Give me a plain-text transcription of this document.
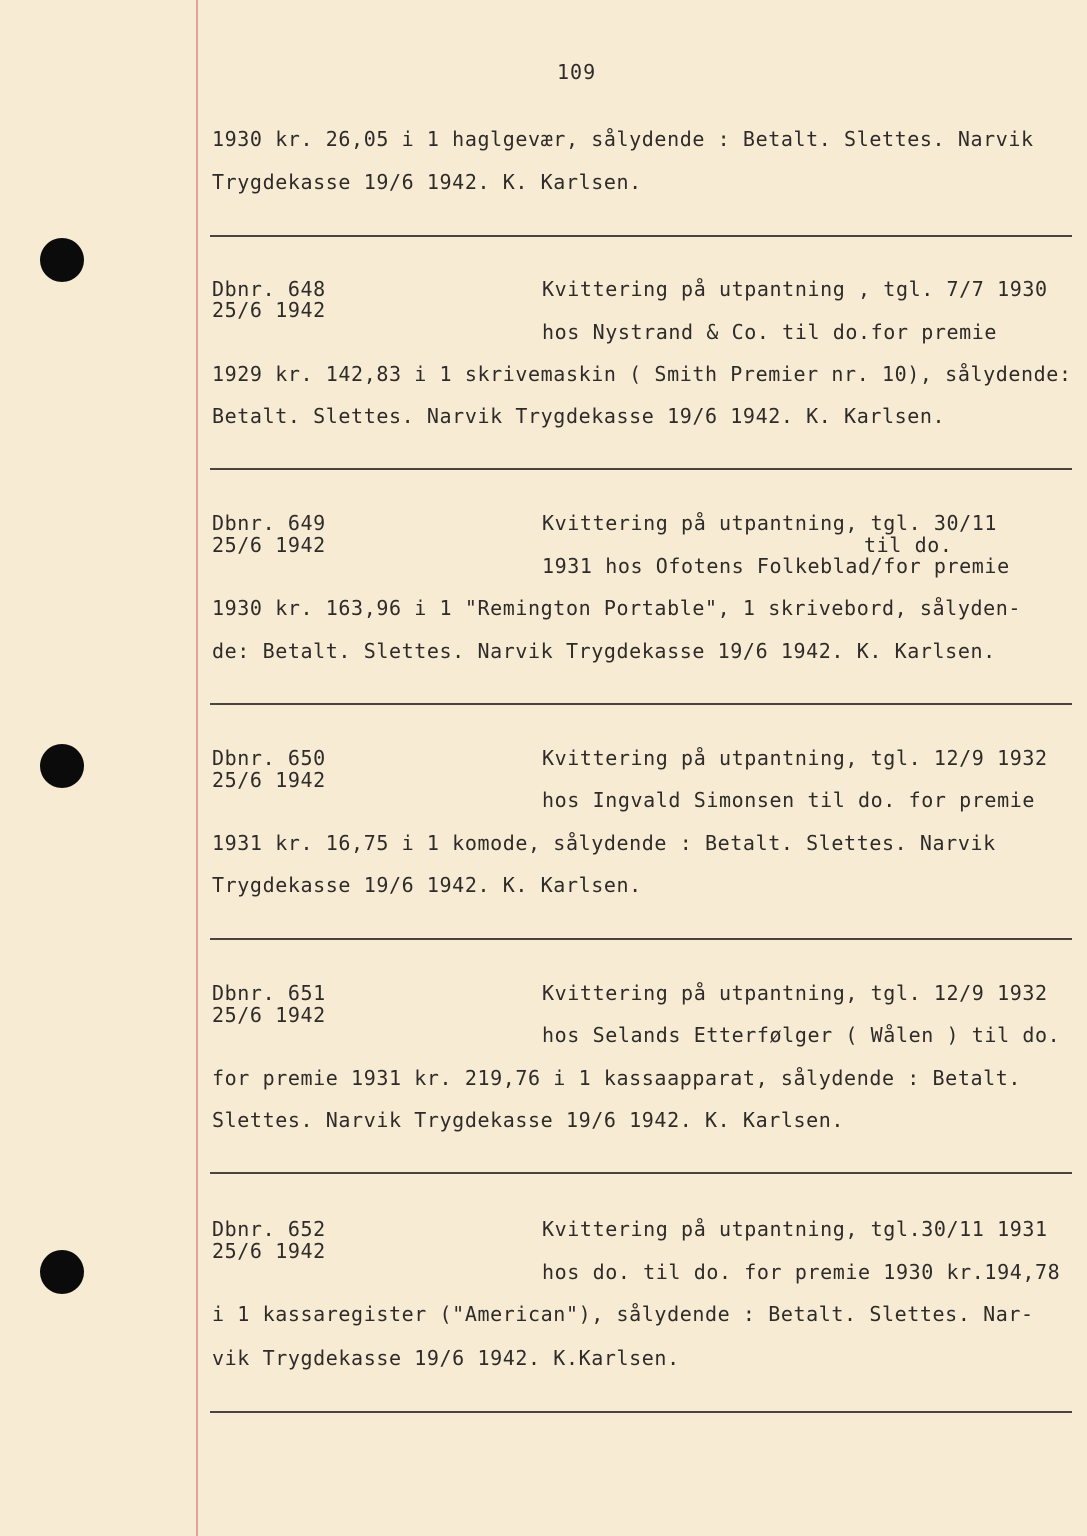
109
1930 kr. 26,05 i 1 haglgevær, sålydende : Betalt. Slettes. Narvik
Trygdekasse 19/6 1942. K. Karlsen.
Dbnr. 648
25/6 1942
Kvittering på utpantning , tgl. 7/7 1930
hos Nystrand & Co. til do.for premie
1929 kr. 142,83 i 1 skrivemaskin ( Smith Premier nr. 10), sålydende:
Betalt. Slettes. Narvik Trygdekasse 19/6 1942. K. Karlsen.
Dbnr. 649
25/6 1942
Kvittering på utpantning, tgl. 30/11
til do.
1931 hos Ofotens Folkeblad/for premie
1930 kr. 163,96 i 1 "Remington Portable", 1 skrivebord, sålyden-
de: Betalt. Slettes. Narvik Trygdekasse 19/6 1942. K. Karlsen.
Dbnr. 650
25/6 1942
Kvittering på utpantning, tgl. 12/9 1932
hos Ingvald Simonsen til do. for premie
1931 kr. 16,75 i 1 komode, sålydende : Betalt. Slettes. Narvik
Trygdekasse 19/6 1942. K. Karlsen.
Dbnr. 651
25/6 1942
Kvittering på utpantning, tgl. 12/9 1932
hos Selands Etterfølger ( Wålen ) til do.
for premie 1931 kr. 219,76 i 1 kassaapparat, sålydende : Betalt.
Slettes. Narvik Trygdekasse 19/6 1942. K. Karlsen.
Dbnr. 652
25/6 1942
Kvittering på utpantning, tgl.30/11 1931
hos do. til do. for premie 1930 kr.194,78
i 1 kassaregister ("American"), sålydende : Betalt. Slettes. Nar-
vik Trygdekasse 19/6 1942. K.Karlsen.
